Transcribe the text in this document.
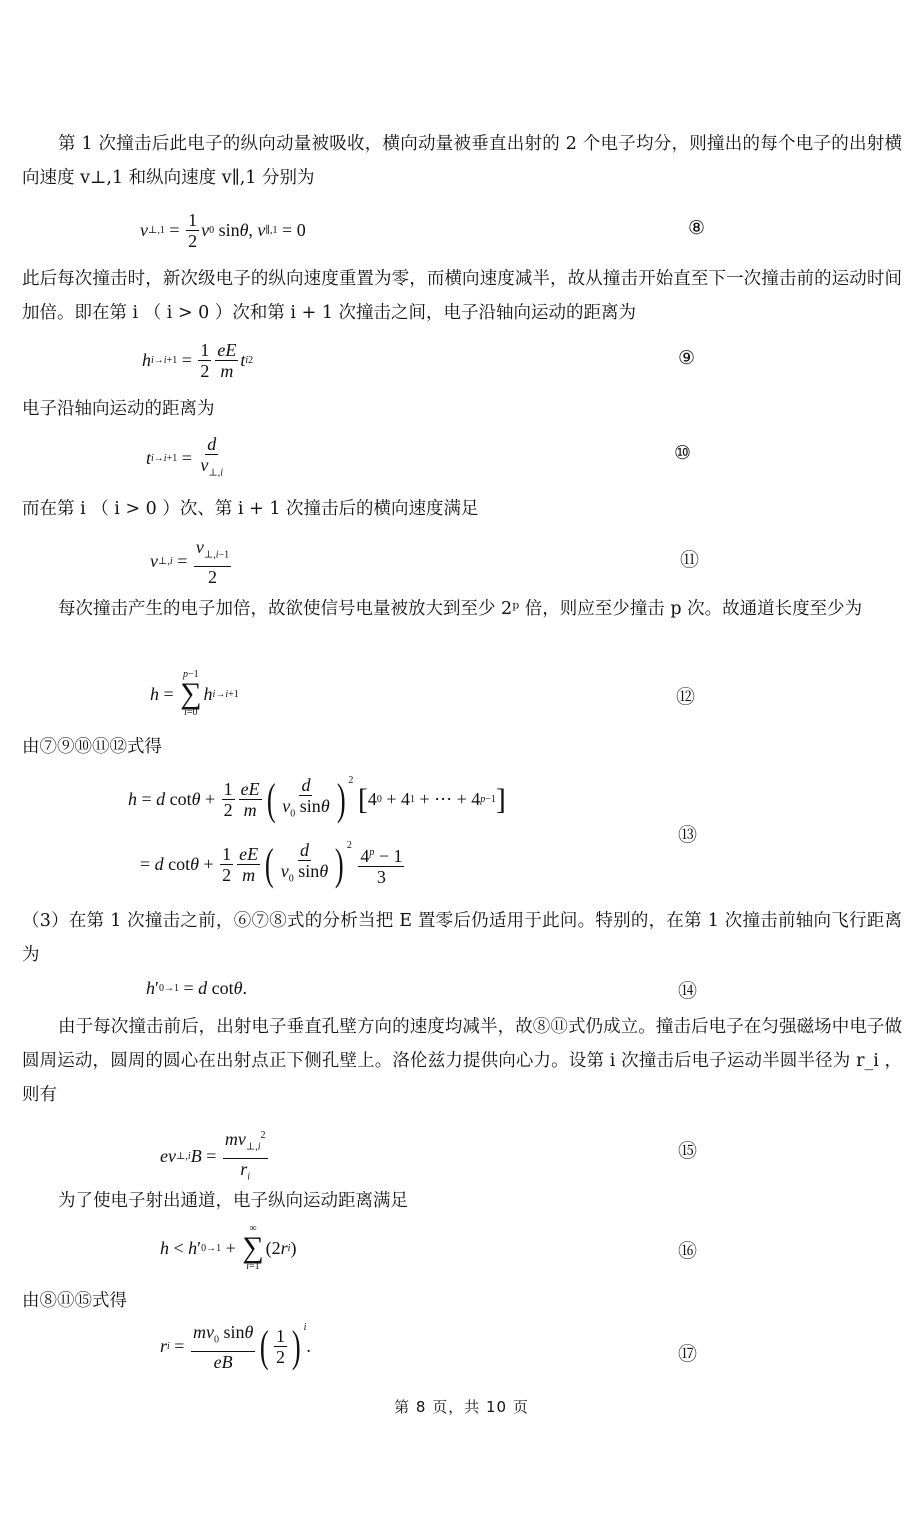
第 1 次撞击后此电子的纵向动量被吸收，横向动量被垂直出射的 2 个电子均分，则撞出的每个电子的出射横向速度 v⊥,1 和纵向速度 v∥,1 分别为
v ⊥,1 = $\frac{1}{2}$ v 0 sin θ , v ∥,1 = 0	⑧
此后每次撞击时，新次级电子的纵向速度重置为零，而横向速度减半，故从撞击开始直至下一次撞击前的运动时间加倍。即在第 i （ i > 0 ）次和第 i + 1 次撞击之间，电子沿轴向运动的距离为
h $i\to i+1 = \frac{1}{2} \frac{eE}{m}$ t i 2	⑨
电子沿轴向运动的距离为
t $i\to i+1 = \frac{d}{v_{\perp,i}}$	⑩
而在第 i （ i > 0 ）次、第 i + 1 次撞击后的横向速度满足
v ⊥,i = $\frac{v_{\perp,i-1}}{2}$	⑪
每次撞击产生的电子加倍，故欲使信号电量被放大到至少 2ᵖ 倍，则应至少撞击 p 次。故通道长度至少为
h =
p−1
∑
i=0
h i→i+1	⑫
由⑦⑨⑩⑪⑫式得
h = d $\cot \theta + \frac{1}{2} \frac{eE}{m}$ ( $\frac{d}{v_0 \sin\theta}$ ) $^2$

[ 4 0 + 4 1 + ⋯ + 4 p−1 ]
= d $\cot \theta + \frac{1}{2} \frac{eE}{m}$ ( $\frac{d}{v_0 \sin\theta}$ ) $^2$
$\frac{4^p - 1}{3}$
⑬
（3）在第 1 次撞击之前，⑥⑦⑧式的分析当把 E 置零后仍适用于此问。特别的，在第 1 次撞击前轴向飞行距离为
h ′ 0→1 = d cot θ .	⑭
由于每次撞击前后，出射电子垂直孔壁方向的速度均减半，故⑧⑪式仍成立。撞击后电子在匀强磁场中电子做圆周运动，圆周的圆心在出射点正下侧孔壁上。洛伦兹力提供向心力。设第 i 次撞击后电子运动半圆半径为 r_i ，则有
e v ⊥,i $B = \frac{mv_{\perp,i}^2}{r_i}$	⑮
为了使电子射出通道，电子纵向运动距离满足
h < h ′ 0→1 +
∞
∑
i=1
(2 r i )	⑯
由⑧⑪⑮式得
r $i = \frac{mv_0 \sin\theta}{eB}$ ( $\frac{1}{2}$ ) $^i$
.	⑰
第 8 页，共 10 页
